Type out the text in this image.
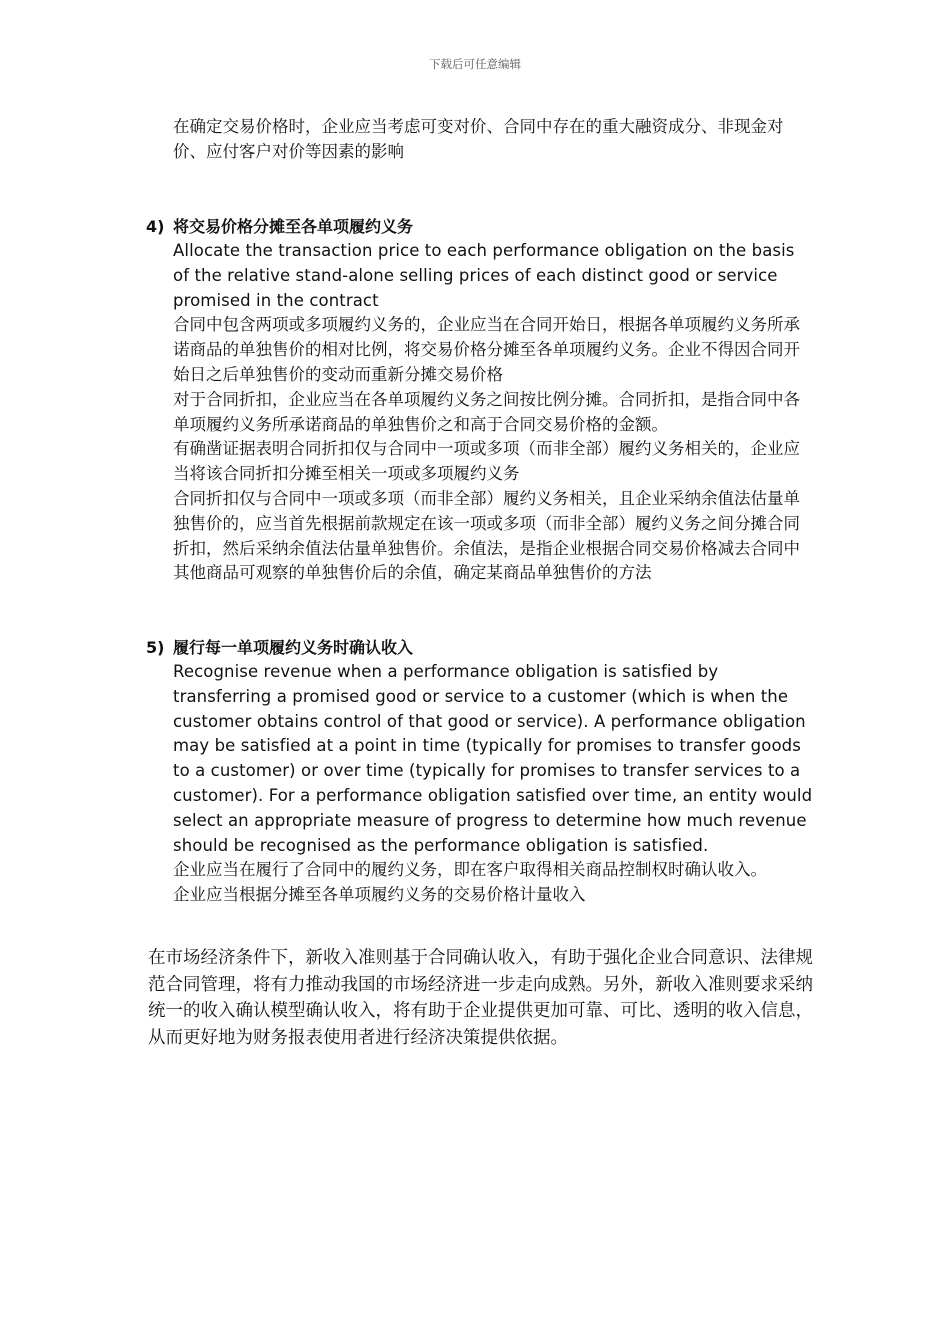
下载后可任意编辑

在确定交易价格时，企业应当考虑可变对价、合同中存在的重大融资成分、非现金对价、应付客户对价等因素的影响

4) 将交易价格分摊至各单项履约义务

Allocate the transaction price to each performance obligation on the basis of the relative stand-alone selling prices of each distinct good or service promised in the contract

合同中包含两项或多项履约义务的，企业应当在合同开始日，根据各单项履约义务所承诺商品的单独售价的相对比例，将交易价格分摊至各单项履约义务。企业不得因合同开始日之后单独售价的变动而重新分摊交易价格

对于合同折扣，企业应当在各单项履约义务之间按比例分摊。合同折扣，是指合同中各单项履约义务所承诺商品的单独售价之和高于合同交易价格的金额。

有确凿证据表明合同折扣仅与合同中一项或多项（而非全部）履约义务相关的，企业应当将该合同折扣分摊至相关一项或多项履约义务

合同折扣仅与合同中一项或多项（而非全部）履约义务相关，且企业采纳余值法估量单独售价的，应当首先根据前款规定在该一项或多项（而非全部）履约义务之间分摊合同折扣，然后采纳余值法估量单独售价。余值法，是指企业根据合同交易价格减去合同中其他商品可观察的单独售价后的余值，确定某商品单独售价的方法

5) 履行每一单项履约义务时确认收入

Recognise revenue when a performance obligation is satisfied by transferring a promised good or service to a customer (which is when the customer obtains control of that good or service). A performance obligation may be satisfied at a point in time (typically for promises to transfer goods to a customer) or over time (typically for promises to transfer services to a customer). For a performance obligation satisfied over time, an entity would select an appropriate measure of progress to determine how much revenue should be recognised as the performance obligation is satisfied.

企业应当在履行了合同中的履约义务，即在客户取得相关商品控制权时确认收入。

企业应当根据分摊至各单项履约义务的交易价格计量收入

在市场经济条件下，新收入准则基于合同确认收入，有助于强化企业合同意识、法律规范合同管理，将有力推动我国的市场经济进一步走向成熟。另外，新收入准则要求采纳统一的收入确认模型确认收入，将有助于企业提供更加可靠、可比、透明的收入信息，从而更好地为财务报表使用者进行经济决策提供依据。
